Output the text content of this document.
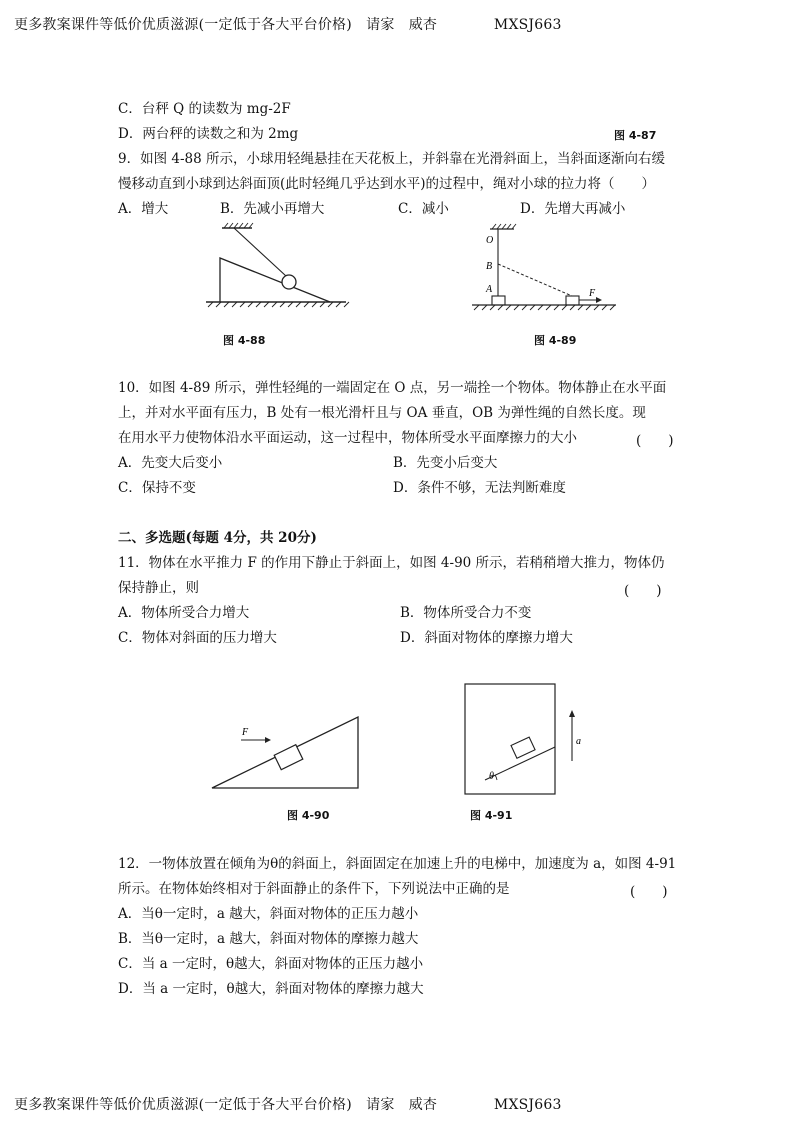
更多教案课件等低价优质滋源(一定低于各大平台价格)　请家　威杏　　　　MXSJ663
C．台秤 Q 的读数为 mg-2F
D．两台秤的读数之和为 2mg	图 4-87
9．如图 4-88 所示，小球用轻绳悬挂在天花板上，并斜靠在光滑斜面上，当斜面逐渐向右缓
慢移动直到小球到达斜面顶(此时轻绳几乎达到水平)的过程中，绳对小球的拉力将（　　）
A．增大	B．先减小再增大	C．减小	D．先增大再减小
图 4-88
O
B
A	F
图 4-89
10．如图 4-89 所示，弹性轻绳的一端固定在 O 点，另一端拴一个物体。物体静止在水平面
上，并对水平面有压力，B 处有一根光滑杆且与 OA 垂直，OB 为弹性绳的自然长度。现
在用水平力使物体沿水平面运动，这一过程中，物体所受水平面摩擦力的大小	(　　)
A．先变大后变小	B．先变小后变大
C．保持不变	D．条件不够，无法判断难度
二、多选题(每题 4分，共 20分)
11．物体在水平推力 F 的作用下静止于斜面上，如图 4-90 所示，若稍稍增大推力，物体仍
保持静止，则	(　　)
A．物体所受合力增大	B．物体所受合力不变
C．物体对斜面的压力增大	D．斜面对物体的摩擦力增大
F
图 4-90
θ
a
图 4-91
12．一物体放置在倾角为θ的斜面上，斜面固定在加速上升的电梯中，加速度为 a，如图 4-91
所示。在物体始终相对于斜面静止的条件下，下列说法中正确的是	(　　)
A．当θ一定时，a 越大，斜面对物体的正压力越小
B．当θ一定时，a 越大，斜面对物体的摩擦力越大
C．当 a 一定时，θ越大，斜面对物体的正压力越小
D．当 a 一定时，θ越大，斜面对物体的摩擦力越大
更多教案课件等低价优质滋源(一定低于各大平台价格)　请家　威杏　　　　MXSJ663
